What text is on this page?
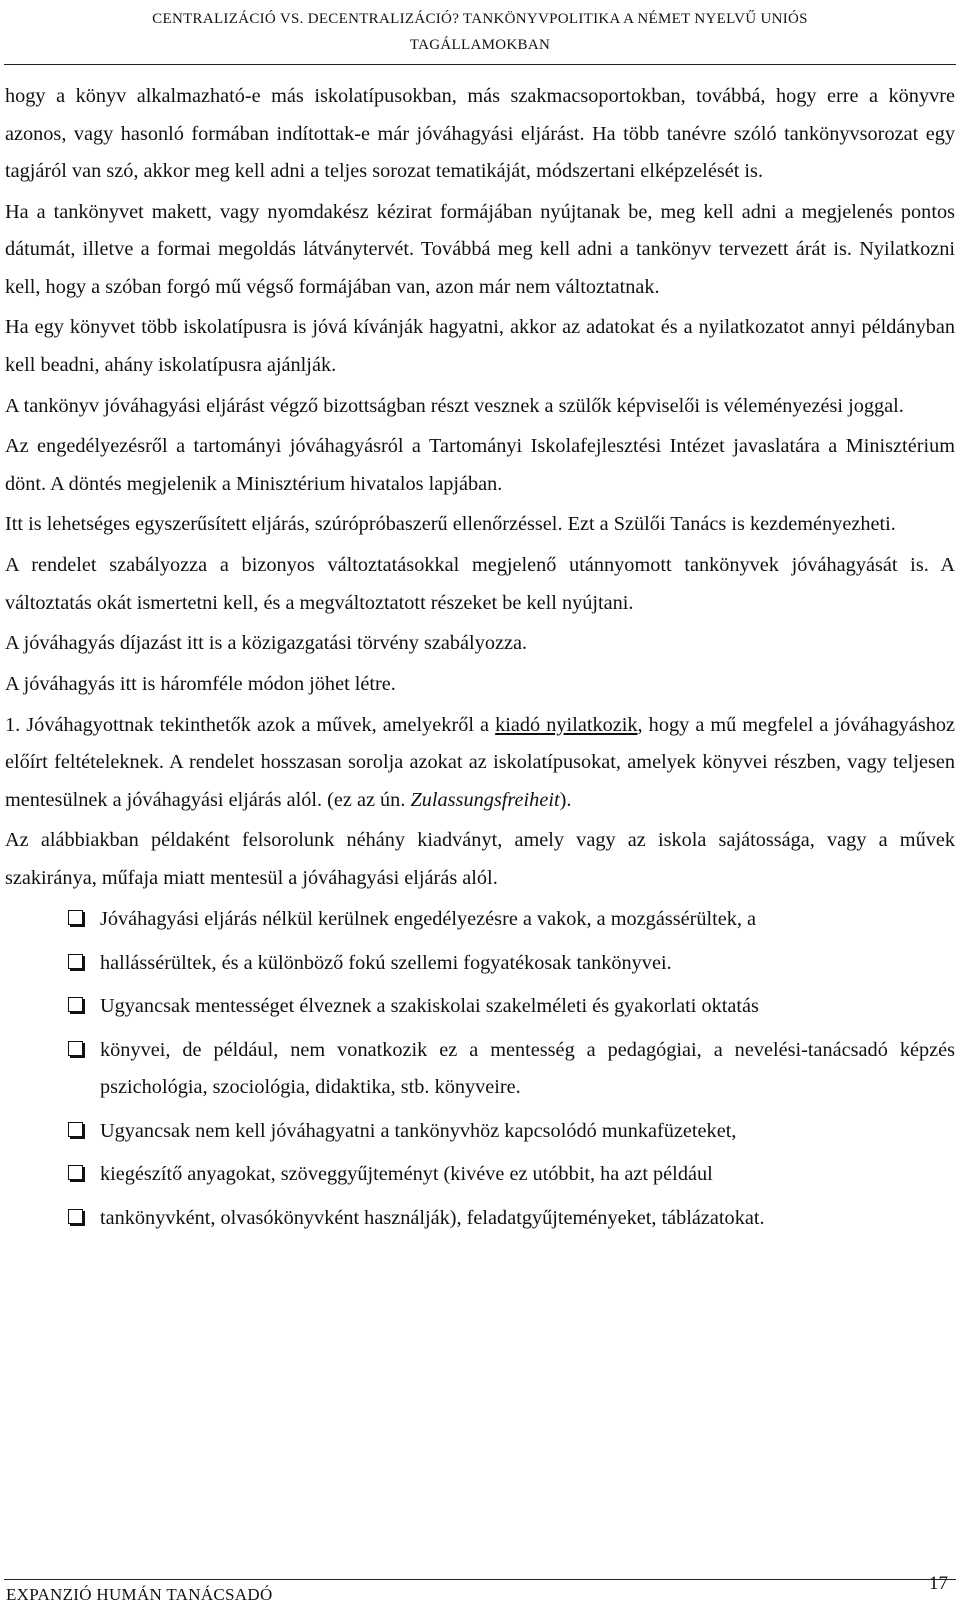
CENTRALIZÁCIÓ VS. DECENTRALIZÁCIÓ? TANKÖNYVPOLITIKA A NÉMET NYELVŰ UNIÓS
TAGÁLLAMOKBAN

hogy a könyv alkalmazható-e más iskolatípusokban, más szakmacsoportokban, továbbá, hogy erre a könyvre azonos, vagy hasonló formában indítottak-e már jóváhagyási eljárást. Ha több tanévre szóló tankönyvsorozat egy tagjáról van szó, akkor meg kell adni a teljes sorozat tematikáját, módszertani elképzelését is.

Ha a tankönyvet makett, vagy nyomdakész kézirat formájában nyújtanak be, meg kell adni a megjelenés pontos dátumát, illetve a formai megoldás látványtervét. Továbbá meg kell adni a tankönyv tervezett árát is. Nyilatkozni kell, hogy a szóban forgó mű végső formájában van, azon már nem változtatnak.

Ha egy könyvet több iskolatípusra is jóvá kívánják hagyatni, akkor az adatokat és a nyilatkozatot annyi példányban kell beadni, ahány iskolatípusra ajánlják.

A tankönyv jóváhagyási eljárást végző bizottságban részt vesznek a szülők képviselői is véleményezési joggal.

Az engedélyezésről a tartományi jóváhagyásról a Tartományi Iskolafejlesztési Intézet javaslatára a Minisztérium dönt. A döntés megjelenik a Minisztérium hivatalos lapjában.

Itt is lehetséges egyszerűsített eljárás, szúrópróbaszerű ellenőrzéssel. Ezt a Szülői Tanács is kezdeményezheti.

A rendelet szabályozza a bizonyos változtatásokkal megjelenő utánnyomott tankönyvek jóváhagyását is. A változtatás okát ismertetni kell, és a megváltoztatott részeket be kell nyújtani.

A jóváhagyás díjazást itt is a közigazgatási törvény szabályozza.

A jóváhagyás itt is háromféle módon jöhet létre.

1. Jóváhagyottnak tekinthetők azok a művek, amelyekről a kiadó nyilatkozik, hogy a mű megfelel a jóváhagyáshoz előírt feltételeknek. A rendelet hosszasan sorolja azokat az iskolatípusokat, amelyek könyvei részben, vagy teljesen mentesülnek a jóváhagyási eljárás alól. (ez az ún. Zulassungsfreiheit).

Az alábbiakban példaként felsorolunk néhány kiadványt, amely vagy az iskola sajátossága, vagy a művek szakiránya, műfaja miatt mentesül a jóváhagyási eljárás alól.

Jóváhagyási eljárás nélkül kerülnek engedélyezésre a vakok, a mozgássérültek, a
hallássérültek, és a különböző fokú szellemi fogyatékosak tankönyvei.
Ugyancsak mentességet élveznek a szakiskolai szakelméleti és gyakorlati oktatás
könyvei, de például, nem vonatkozik ez a mentesség a pedagógiai, a nevelési-tanácsadó képzés pszichológia, szociológia, didaktika, stb. könyveire.
Ugyancsak nem kell jóváhagyatni a tankönyvhöz kapcsolódó munkafüzeteket,
kiegészítő anyagokat, szöveggyűjteményt (kivéve ez utóbbit, ha azt például
tankönyvként, olvasókönyvként használják), feladatgyűjteményeket, táblázatokat.
EXPANZIÓ HUMÁN TANÁCSADÓ
17
